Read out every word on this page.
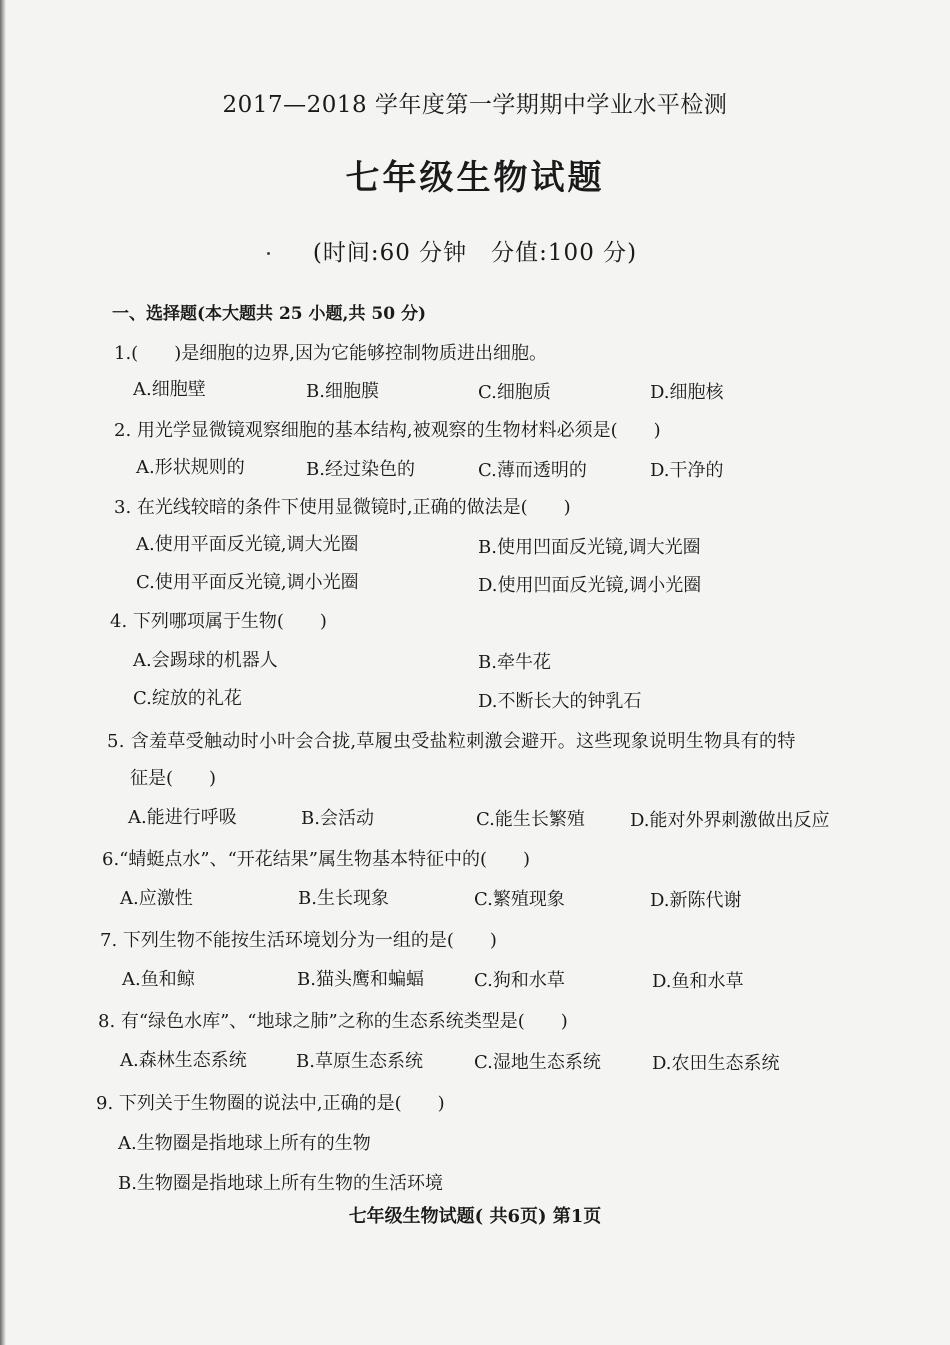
2017—2018 学年度第一学期期中学业水平检测
七年级生物试题
(时间:60 分钟　分值:100 分)
一、选择题(本大题共 25 小题,共 50 分)
1.(　　)是细胞的边界,因为它能够控制物质进出细胞。
A.细胞壁	B.细胞膜	C.细胞质	D.细胞核
2. 用光学显微镜观察细胞的基本结构,被观察的生物材料必须是(　　)
A.形状规则的	B.经过染色的	C.薄而透明的	D.干净的
3. 在光线较暗的条件下使用显微镜时,正确的做法是(　　)
A.使用平面反光镜,调大光圈	B.使用凹面反光镜,调大光圈
C.使用平面反光镜,调小光圈	D.使用凹面反光镜,调小光圈
4. 下列哪项属于生物(　　)
A.会踢球的机器人	B.牵牛花
C.绽放的礼花	D.不断长大的钟乳石
5. 含羞草受触动时小叶会合拢,草履虫受盐粒刺激会避开。这些现象说明生物具有的特
征是(　　)
A.能进行呼吸	B.会活动	C.能生长繁殖	D.能对外界刺激做出反应
6.“蜻蜓点水”、“开花结果”属生物基本特征中的(　　)
A.应激性	B.生长现象	C.繁殖现象	D.新陈代谢
7. 下列生物不能按生活环境划分为一组的是(　　)
A.鱼和鲸	B.猫头鹰和蝙蝠	C.狗和水草	D.鱼和水草
8. 有“绿色水库”、“地球之肺”之称的生态系统类型是(　　)
A.森林生态系统	B.草原生态系统	C.湿地生态系统	D.农田生态系统
9. 下列关于生物圈的说法中,正确的是(　　)
A.生物圈是指地球上所有的生物
B.生物圈是指地球上所有生物的生活环境
七年级生物试题( 共6页) 第1页
